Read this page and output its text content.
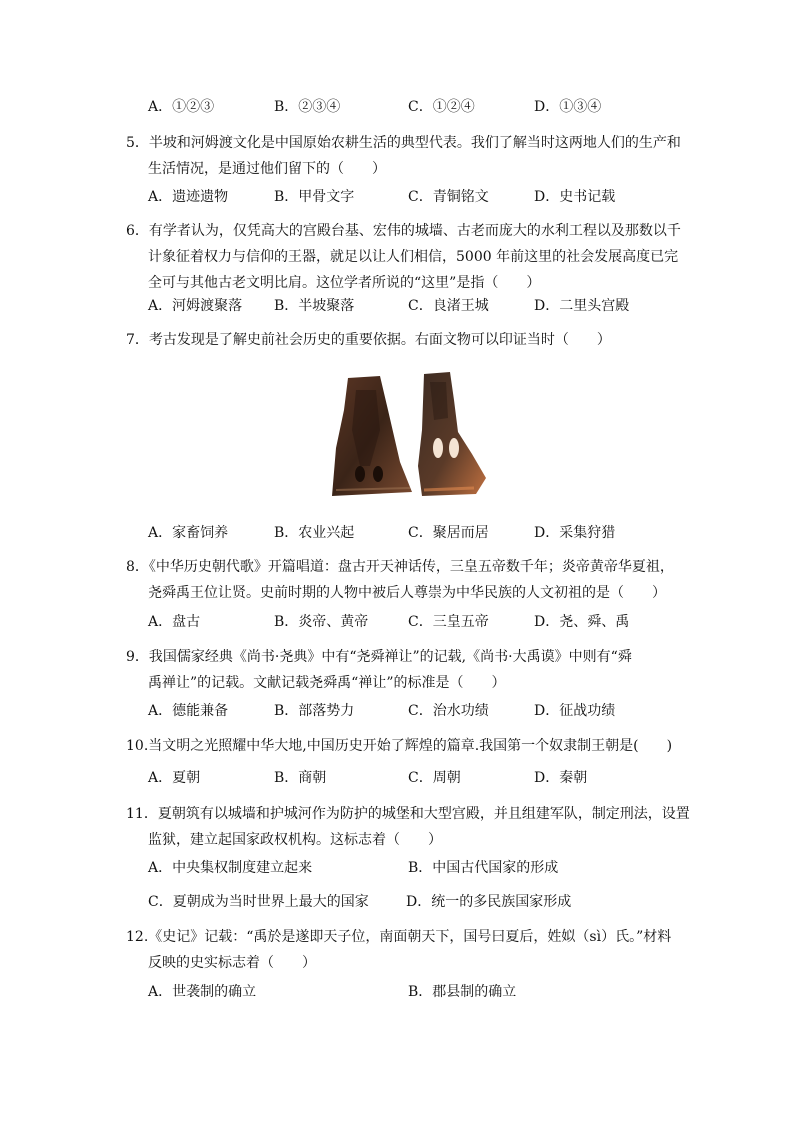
A．①②③	B．②③④	C．①②④	D．①③④
5．半坡和河姆渡文化是中国原始农耕生活的典型代表。我们了解当时这两地人们的生产和
生活情况，是通过他们留下的（　　）
A．遗迹遗物	B．甲骨文字	C．青铜铭文	D．史书记载
6．有学者认为，仅凭高大的宫殿台基、宏伟的城墙、古老而庞大的水利工程以及那数以千
计象征着权力与信仰的王器，就足以让人们相信，5000 年前这里的社会发展高度已完
全可与其他古老文明比肩。这位学者所说的“这里”是指（　　）
A．河姆渡聚落 B．半坡聚落	C．良渚王城	D．二里头宫殿
7．考古发现是了解史前社会历史的重要依据。右面文物可以印证当时（　　）
A．家畜饲养	B．农业兴起	C．聚居而居	D．采集狩猎
8．《中华历史朝代歌》开篇唱道：盘古开天神话传，三皇五帝数千年；炎帝黄帝华夏祖，
尧舜禹王位让贤。史前时期的人物中被后人尊崇为中华民族的人文初祖的是（　　）
A．盘古	B．炎帝、黄帝	C．三皇五帝	D．尧、舜、禹
9．我国儒家经典《尚书·尧典》中有“尧舜禅让”的记载,《尚书·大禹谟》中则有“舜
禹禅让”的记载。文献记载尧舜禹“禅让”的标准是（　　）
A．德能兼备	B．部落势力	C．治水功绩	D．征战功绩
10.当文明之光照耀中华大地,中国历史开始了辉煌的篇章.我国第一个奴隶制王朝是(　　)
A．夏朝	B．商朝	C．周朝	D．秦朝
11．夏朝筑有以城墙和护城河作为防护的城堡和大型宫殿，并且组建军队，制定刑法，设置
监狱，建立起国家政权机构。这标志着（　　）
A．中央集权制度建立起来	B．中国古代国家的形成
C．夏朝成为当时世界上最大的国家	D．统一的多民族国家形成
12.《史记》记载：“禹於是遂即天子位，南面朝天下，国号曰夏后，姓姒（sì）氏。”材料
反映的史实标志着（　　）
A．世袭制的确立	B．郡县制的确立
